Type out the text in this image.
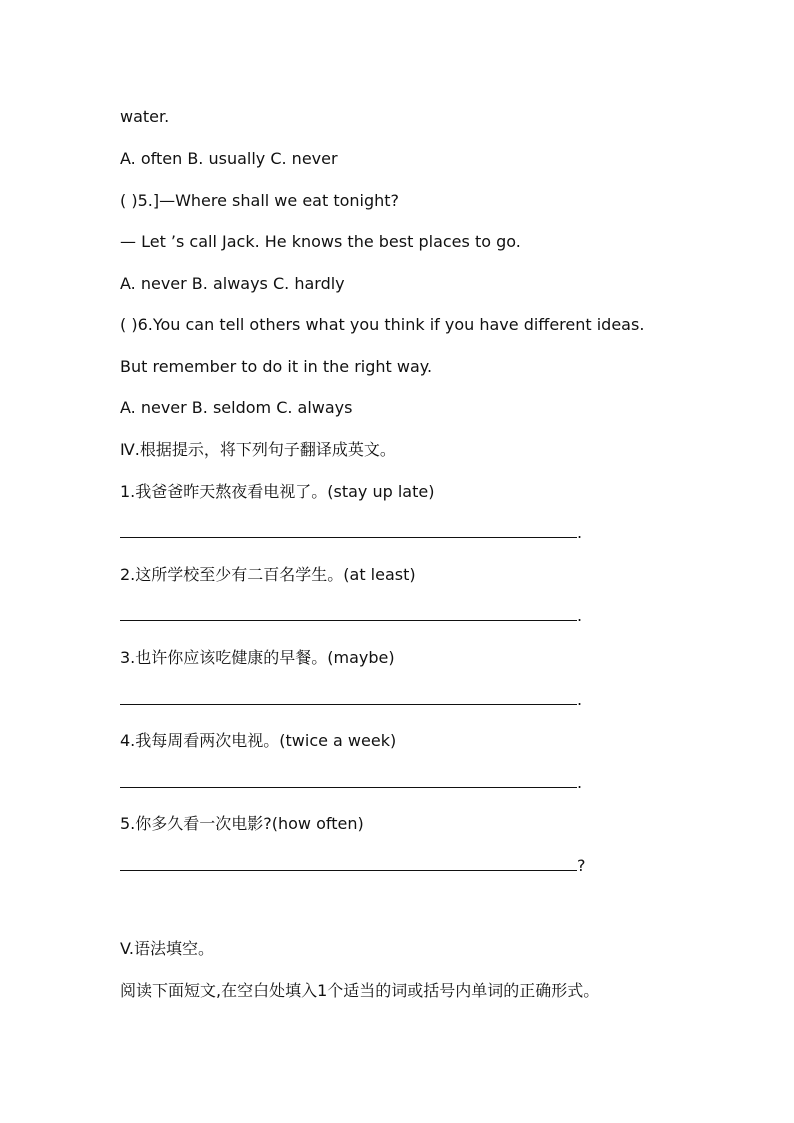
water.
A. often B. usually C. never
( )5.]—Where shall we eat tonight?
— Let ’s call Jack. He knows the best places to go.
A. never B. always C. hardly
( )6.You can tell others what you think if you have different ideas.
But remember to do it in the right way.
A. never B. seldom C. always
Ⅳ.根据提示，将下列句子翻译成英文。
1.我爸爸昨天熬夜看电视了。(stay up late)
.
2.这所学校至少有二百名学生。(at least)
.
3.也许你应该吃健康的早餐。(maybe)
.
4.我每周看两次电视。(twice a week)
.
5.你多久看一次电影?(how often)
?
V.语法填空。
阅读下面短文,在空白处填入1个适当的词或括号内单词的正确形式。
